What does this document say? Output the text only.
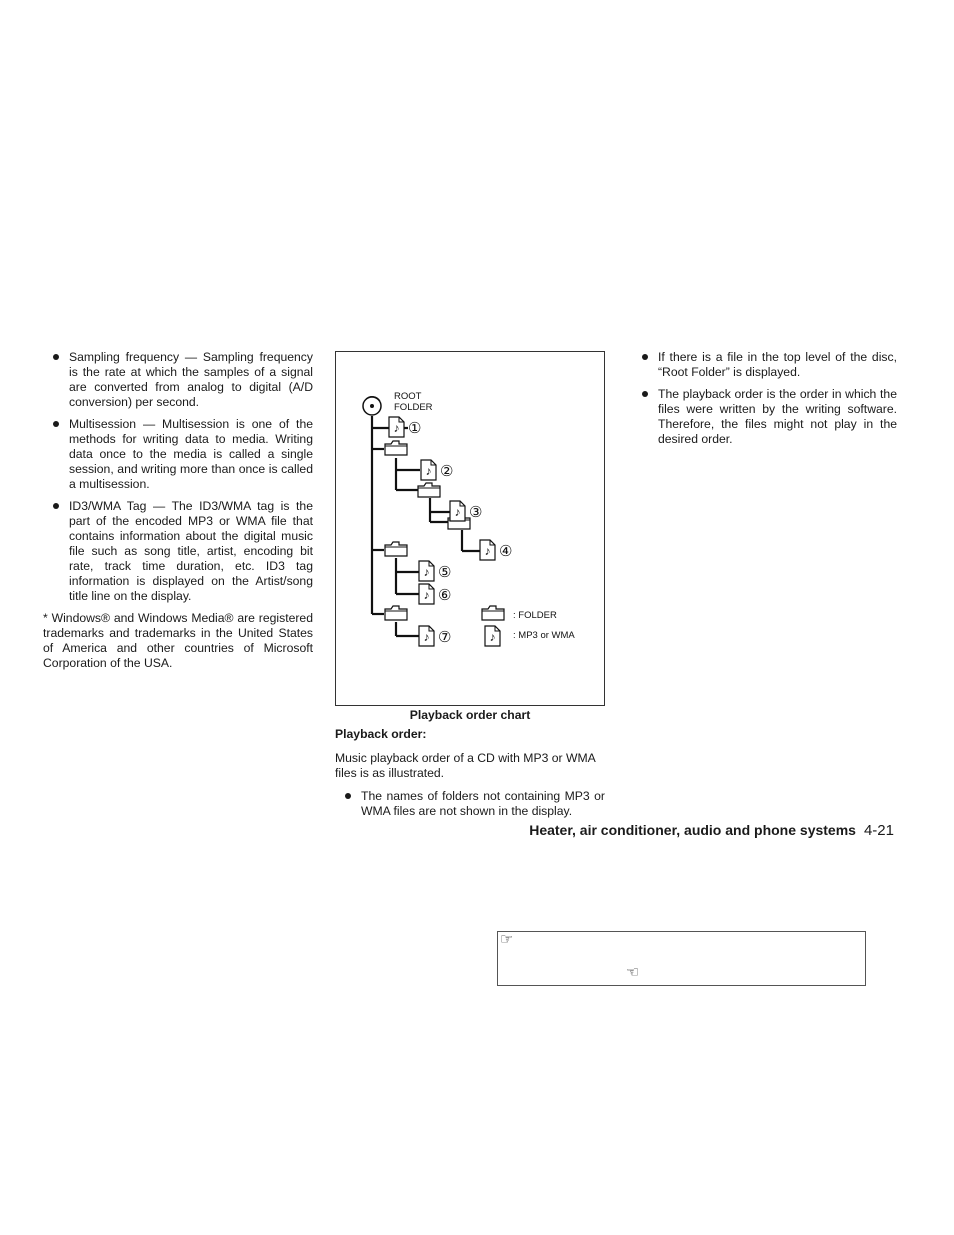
Sampling frequency — Sampling frequency is the rate at which the samples of a signal are converted from analog to digital (A/D conversion) per second.

Multisession — Multisession is one of the methods for writing data to media. Writing data once to the media is called a single session, and writing more than once is called a multisession.

ID3/WMA Tag — The ID3/WMA tag is the part of the encoded MP3 or WMA file that contains information about the digital music file such as song title, artist, encoding bit rate, track time duration, etc. ID3 tag information is displayed on the Artist/song title line on the display.

* Windows® and Windows Media® are registered trademarks and trademarks in the United States of America and other countries of Microsoft Corporation of the USA.

♪
ROOT
FOLDER
①
②
③
④
⑤
⑥
⑦
: FOLDER
: MP3 or WMA
Playback order chart
Playback order:

Music playback order of a CD with MP3 or WMA files is as illustrated.

The names of folders not containing MP3 or WMA files are not shown in the display.

If there is a file in the top level of the disc, “Root Folder” is displayed.

The playback order is the order in which the files were written by the writing software. Therefore, the files might not play in the desired order.

Heater, air conditioner, audio and phone systems 4-21
☞
☜
